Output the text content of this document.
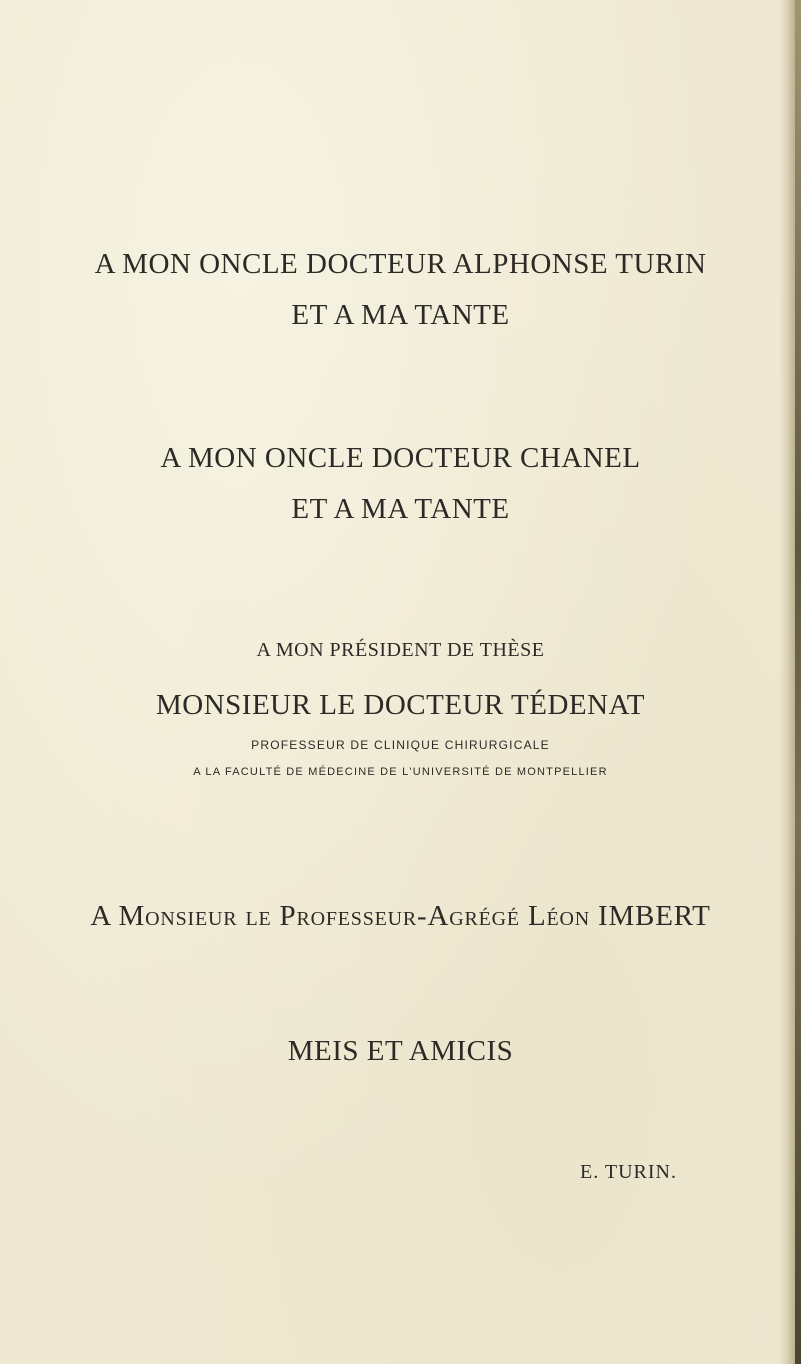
A MON ONCLE DOCTEUR ALPHONSE TURIN
ET A MA TANTE
A MON ONCLE DOCTEUR CHANEL
ET A MA TANTE
A MON PRÉSIDENT DE THÈSE
MONSIEUR LE DOCTEUR TÉDENAT
PROFESSEUR DE CLINIQUE CHIRURGICALE
A LA FACULTÉ DE MÉDECINE DE L'UNIVERSITÉ DE MONTPELLIER
A Monsieur le Professeur-Agrégé Léon IMBERT
MEIS ET AMICIS
E. TURIN.
